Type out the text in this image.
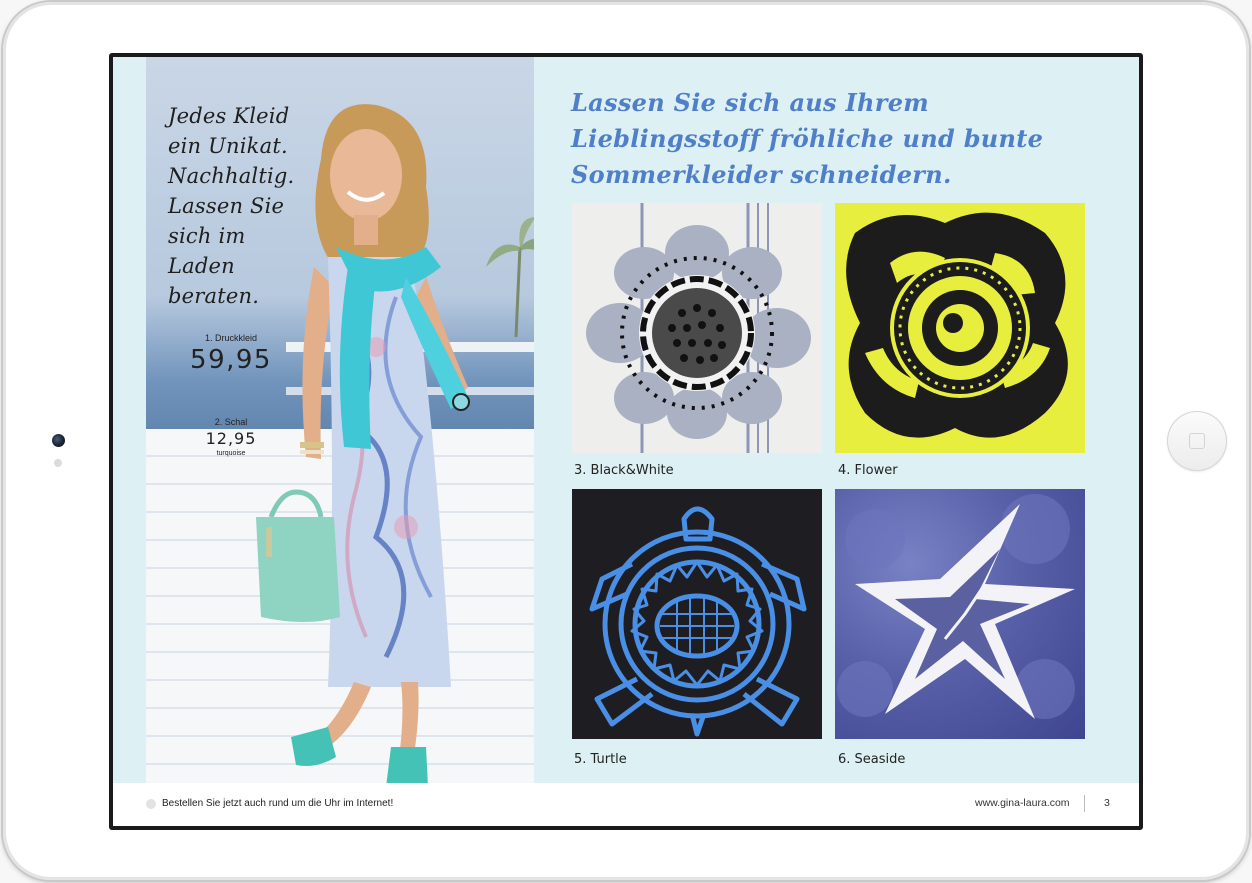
Jedes Kleid
ein Unikat.
Nachhaltig.
Lassen Sie
sich im Laden
beraten.

1. Druckkleid
59,95
2. Schal
12,95
turquoise
Lassen Sie sich aus Ihrem
Lieblingsstoff fröhliche und bunte
Sommerkleider schneidern.
3. Black&White	4. Flower
5. Turtle	6. Seaside
Bestellen Sie jetzt auch rund um die Uhr im Internet!	www.gina-laura.com	3
